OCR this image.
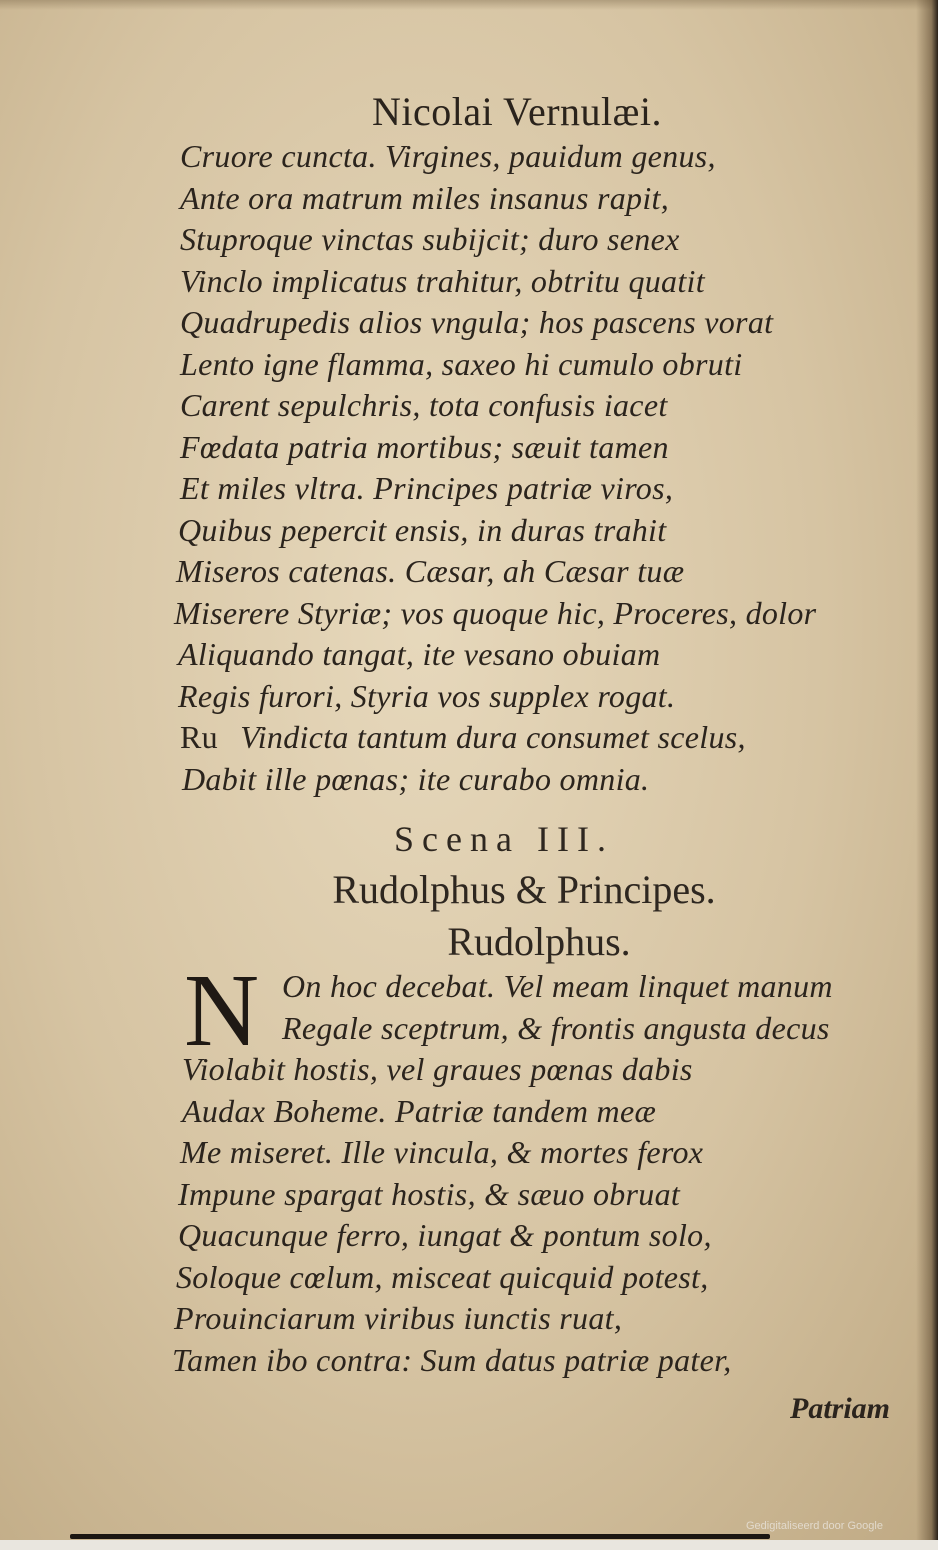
Nicolai Vernulæi.
Cruore cuncta. Virgines, pauidum genus,
Ante ora matrum miles insanus rapit,
Stuproque vinctas subijcit; duro senex
Vinclo implicatus trahitur, obtritu quatit
Quadrupedis alios vngula; hos pascens vorat
Lento igne flamma, saxeo hi cumulo obruti
Carent sepulchris, tota confusis iacet
Fœdata patria mortibus; sæuit tamen
Et miles vltra. Principes patriæ viros,
Quibus pepercit ensis, in duras trahit
Miseros catenas. Cæsar, ah Cæsar tuæ
Miserere Styriæ; vos quoque hic, Proceres, dolor
Aliquando tangat, ite vesano obuiam
Regis furori, Styria vos supplex rogat.
Ru Vindicta tantum dura consumet scelus,
Dabit ille pœnas; ite curabo omnia.
Scena III.
Rudolphus & Principes.
Rudolphus.
N On hoc decebat. Vel meam linquet manum
Regale sceptrum, & frontis angusta decus
Violabit hostis, vel graues pœnas dabis
Audax Boheme. Patriæ tandem meæ
Me miseret. Ille vincula, & mortes ferox
Impune spargat hostis, & sæuo obruat
Quacunque ferro, iungat & pontum solo,
Soloque cœlum, misceat quicquid potest,
Prouinciarum viribus iunctis ruat,
Tamen ibo contra: Sum datus patriæ pater,
Patriam
Gedigitaliseerd door Google
